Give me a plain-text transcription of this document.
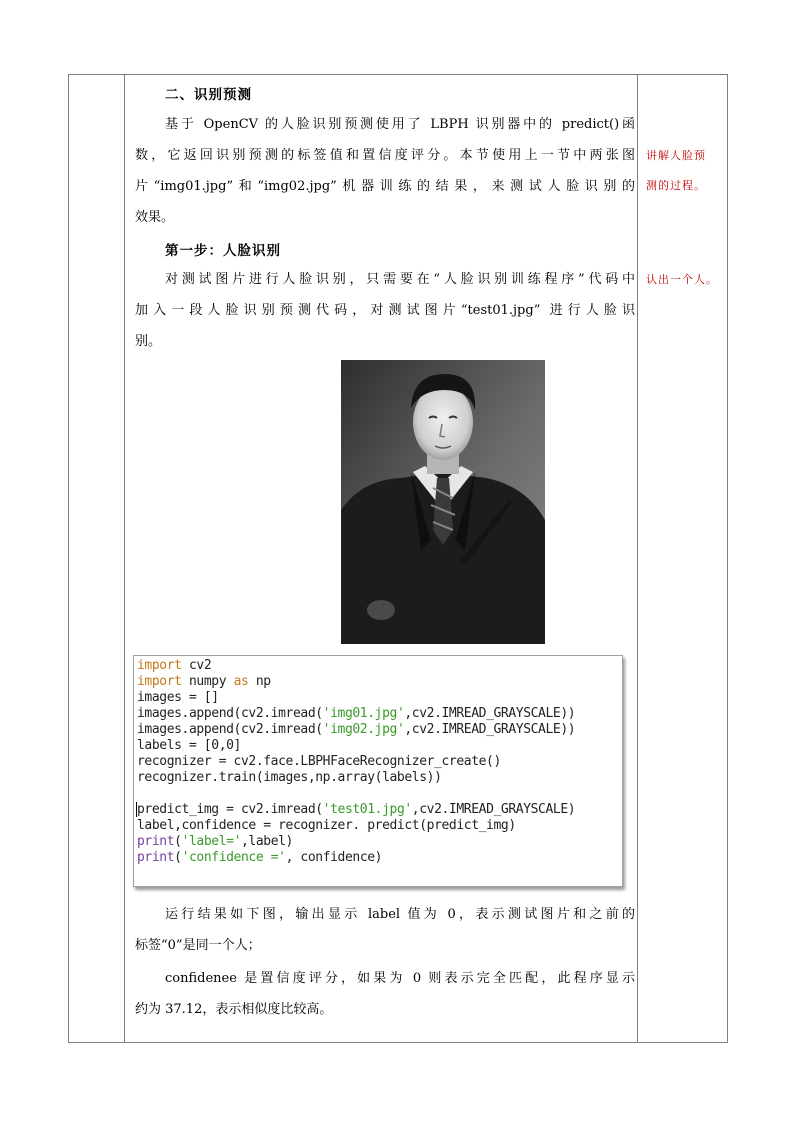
二、识别预测
基于 OpenCV 的人脸识别预测使用了 LBPH 识别器中的 predict()函
数，它返回识别预测的标签值和置信度评分。本节使用上一节中两张图
片“img01.jpg”和“img02.jpg”机器训练的结果，来测试人脸识别的
效果。
第一步：人脸识别
对测试图片进行人脸识别，只需要在“人脸识别训练程序”代码中
加入一段人脸识别预测代码，对测试图片“test01.jpg” 进行人脸识
别。
import cv2
import numpy as np
images = []
images.append(cv2.imread('img01.jpg',cv2.IMREAD_GRAYSCALE))
images.append(cv2.imread('img02.jpg',cv2.IMREAD_GRAYSCALE))
labels = [0,0]
recognizer = cv2.face.LBPHFaceRecognizer_create()
recognizer.train(images,np.array(labels))

predict_img = cv2.imread('test01.jpg',cv2.IMREAD_GRAYSCALE)
label,confidence = recognizer. predict(predict_img)
print('label=',label)
print('confidence =', confidence)
运行结果如下图，输出显示 label 值为 0，表示测试图片和之前的
标签“0”是同一个人；
confidenee 是置信度评分，如果为 0 则表示完全匹配，此程序显示
约为 37.12，表示相似度比较高。
讲解人脸预
测的过程。
认出一个人。
